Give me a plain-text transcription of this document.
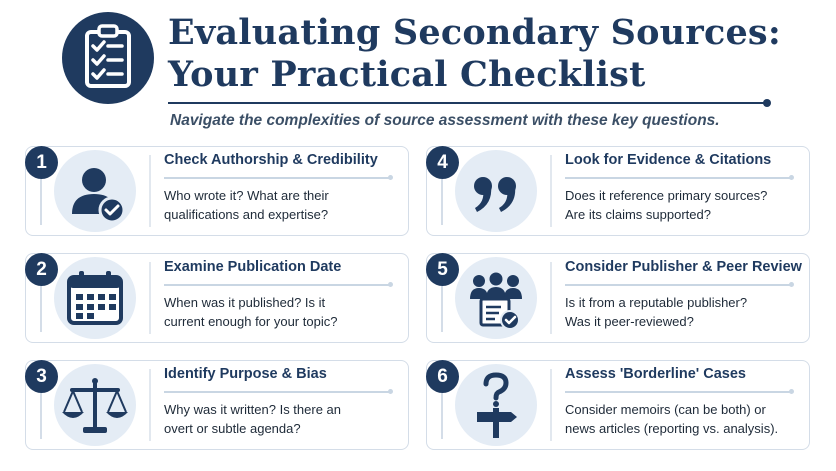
Evaluating Secondary Sources:
Your Practical Checklist

Navigate the complexities of source assessment with these key questions.

1	Check Authorship & Credibility

Who wrote it? What are their
qualifications and expertise?

2	Examine Publication Date

When was it published? Is it
current enough for your topic?

3	Identify Purpose & Bias

Why was it written? Is there an
overt or subtle agenda?

4	Look for Evidence & Citations

Does it reference primary sources?
Are its claims supported?

5	Consider Publisher & Peer Review

Is it from a reputable publisher?
Was it peer-reviewed?

6	Assess 'Borderline' Cases

Consider memoirs (can be both) or
news articles (reporting vs. analysis).
